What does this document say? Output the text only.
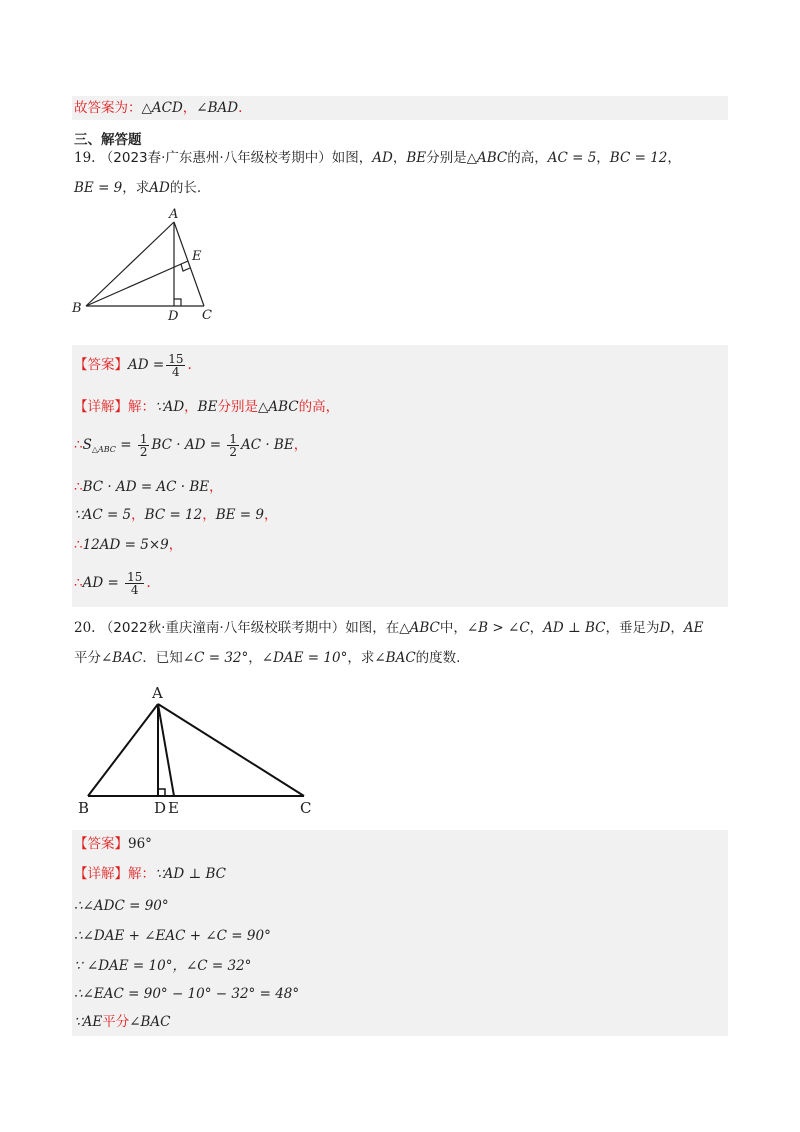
故答案为：△ACD，∠BAD.
三、解答题
19. （2023春·广东惠州·八年级校考期中）如图，AD，BE分别是△ABC的高，AC = 5，BC = 12，
BE = 9，求AD的长.
A
B	C
D
E
【答案】AD = $\frac{15}{4}$ .
【详解】解：∵AD，BE分别是△ABC的高，
$\therefore S_{\triangle ABC} = \frac{1}{2}$ BC · AD = $\frac{1}{2}$ AC · BE，
∴BC · AD = AC · BE，
∵AC = 5，BC = 12，BE = 9，
∴12AD = 5×9，
∴AD = $\frac{15}{4}$ .
20. （2022秋·重庆潼南·八年级校联考期中）如图，在△ABC中，∠B > ∠C，AD ⊥ BC，垂足为D，AE
平分∠BAC．已知∠C = 32°，∠DAE = 10°，求∠BAC的度数.
A
B	C
D E
【答案】96°
【详解】解：∵AD ⊥ BC
∴∠ADC = 90°
∴∠DAE + ∠EAC + ∠C = 90°
∵ ∠DAE = 10°，∠C = 32°
∴∠EAC = 90° − 10° − 32° = 48°
∵AE平分∠BAC
